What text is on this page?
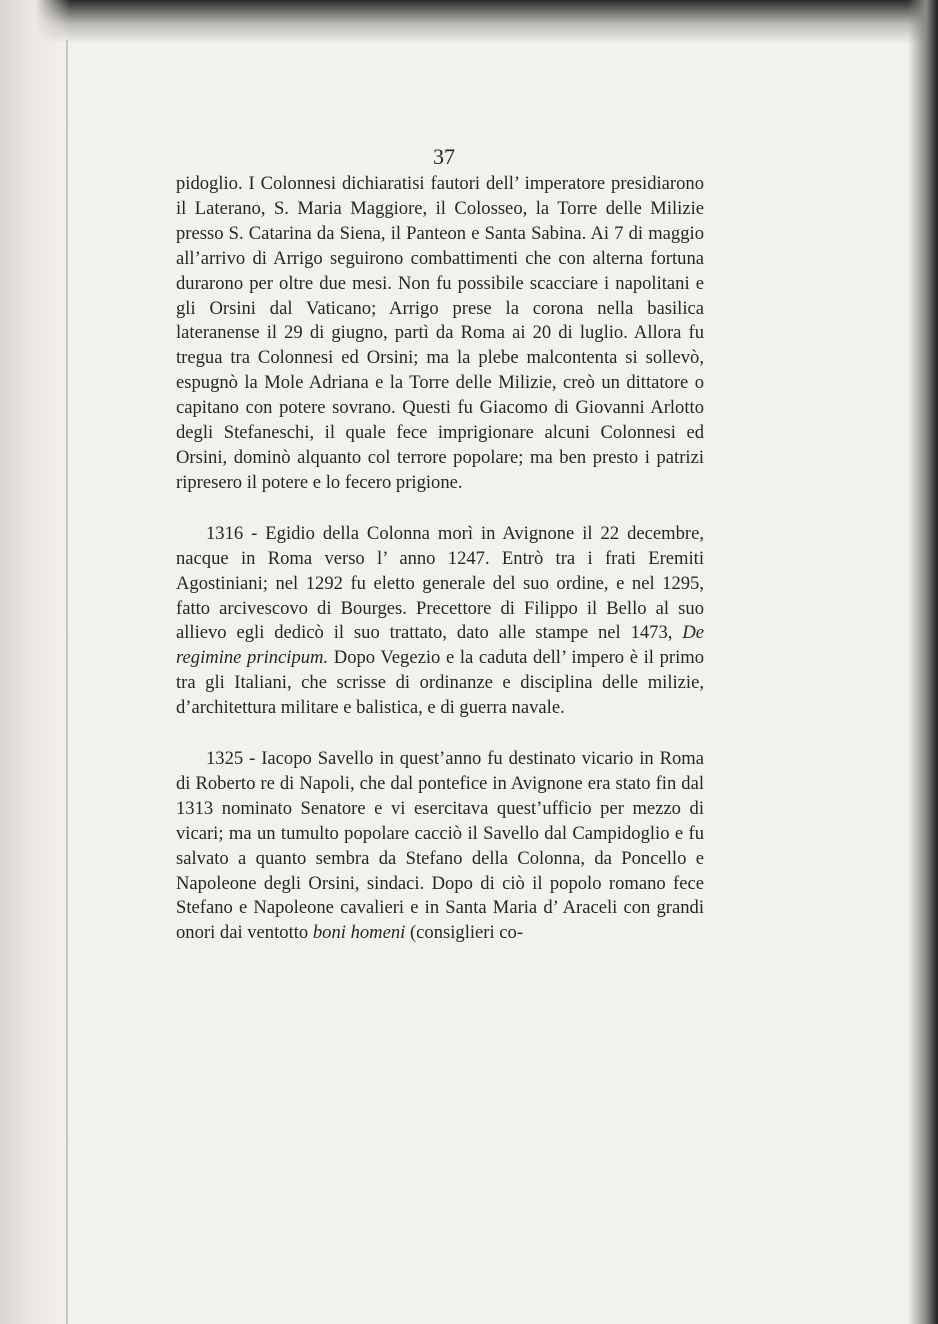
37

pidoglio. I Colonnesi dichiaratisi fautori dell’ imperatore presidiarono il Laterano, S. Maria Maggiore, il Colosseo, la Torre delle Milizie presso S. Catarina da Siena, il Panteon e Santa Sabina. Ai 7 di maggio all’arrivo di Arrigo seguirono combattimenti che con alterna fortuna durarono per oltre due mesi. Non fu possibile scacciare i napolitani e gli Orsini dal Vaticano; Arrigo prese la corona nella basilica lateranense il 29 di giugno, partì da Roma ai 20 di luglio. Allora fu tregua tra Colonnesi ed Orsini; ma la plebe malcontenta si sollevò, espugnò la Mole Adriana e la Torre delle Milizie, creò un dittatore o capitano con potere sovrano. Questi fu Giacomo di Giovanni Arlotto degli Stefaneschi, il quale fece imprigionare alcuni Colonnesi ed Orsini, dominò alquanto col terrore popolare; ma ben presto i patrizi ripresero il potere e lo fecero prigione.

1316 - Egidio della Colonna morì in Avignone il 22 decembre, nacque in Roma verso l’ anno 1247. Entrò tra i frati Eremiti Agostiniani; nel 1292 fu eletto generale del suo ordine, e nel 1295, fatto arcivescovo di Bourges. Precettore di Filippo il Bello al suo allievo egli dedicò il suo trattato, dato alle stampe nel 1473, De regimine principum. Dopo Vegezio e la caduta dell’ impero è il primo tra gli Italiani, che scrisse di ordinanze e disciplina delle milizie, d’architettura militare e balistica, e di guerra navale.

1325 - Iacopo Savello in quest’anno fu destinato vicario in Roma di Roberto re di Napoli, che dal pontefice in Avignone era stato fin dal 1313 nominato Senatore e vi esercitava quest’ufficio per mezzo di vicari; ma un tumulto popolare cacciò il Savello dal Campidoglio e fu salvato a quanto sembra da Stefano della Colonna, da Poncello e Napoleone degli Orsini, sindaci. Dopo di ciò il popolo romano fece Stefano e Napoleone cavalieri e in Santa Maria d’ Araceli con grandi onori dai ventotto boni homeni (consiglieri co-
